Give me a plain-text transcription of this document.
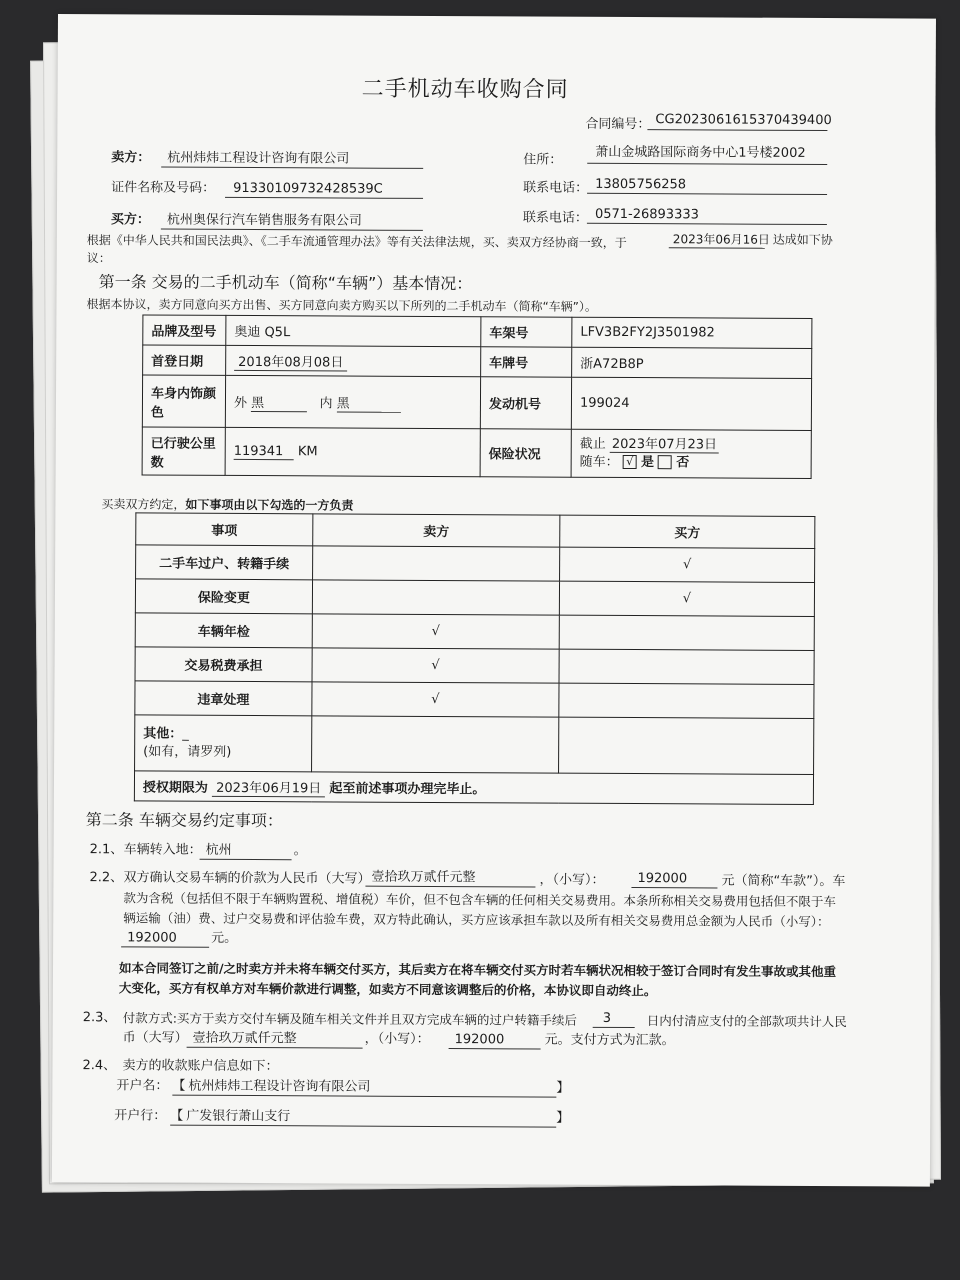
二手机动车收购合同
合同编号： CG2023061615370439400
卖方： 杭州炜炜工程设计咨询有限公司	住所：	萧山金城路国际商务中心1号楼2002
证件名称及号码： 91330109732428539C	联系电话： 13805756258
买方： 杭州奥保行汽车销售服务有限公司	联系电话： 0571-26893333
根据《中华人民共和国民法典》、《二手车流通管理办法》等有关法律法规，买、卖双方经协商一致，于	2023年06月16日 达成如下协
议：
第一条 交易的二手机动车（简称“车辆”）基本情况：
根据本协议，卖方同意向买方出售、买方同意向卖方购买以下所列的二手机动车（简称“车辆”）。
品牌及型号	奥迪 Q5L	车架号	LFV3B2FY2J3501982
首登日期	2018年08月08日	车牌号	浙A72B8P
车身内饰颜色	外 黑 内 黑	发动机号	199024
已行驶公里数	119341 KM	保险状况	截止 2023年07月23日
随车： √ 是 否
买卖双方约定，如下事项由以下勾选的一方负责
事项	卖方	买方
二手车过户、转籍手续		√
保险变更		√
车辆年检	√	
交易税费承担	√	
违章处理	√	
其他：_
(如有，请罗列)		
授权期限为 2023年06月19日 起至前述事项办理完毕止。		
第二条 车辆交易约定事项：
2.1、 车辆转入地： 杭州	。
2.2、 双方确认交易车辆的价款为人民币（大写） 壹拾玖万贰仟元整	，（小写）：	192000	元（简称“车款”）。车
款为含税（包括但不限于车辆购置税、增值税）车价，但不包含车辆的任何相关交易费用。本条所称相关交易费用包括但不限于车
辆运输（油）费、过户交易费和评估验车费，双方特此确认，买方应该承担车款以及所有相关交易费用总金额为人民币（小写）：
192000	元。
如本合同签订之前/之时卖方并未将车辆交付买方，其后卖方在将车辆交付买方时若车辆状况相较于签订合同时有发生事故或其他重
大变化，买方有权单方对车辆价款进行调整，如卖方不同意该调整后的价格，本协议即自动终止。
2.3、 付款方式:买方于卖方交付车辆及随车相关文件并且双方完成车辆的过户转籍手续后 3	日内付清应支付的全部款项共计人民
币（大写） 壹拾玖万贰仟元整	，（小写）： 192000	元。支付方式为汇款。
2.4、 卖方的收款账户信息如下：
开户名： 【 杭州炜炜工程设计咨询有限公司	】
开户行： 【 广发银行萧山支行	】
